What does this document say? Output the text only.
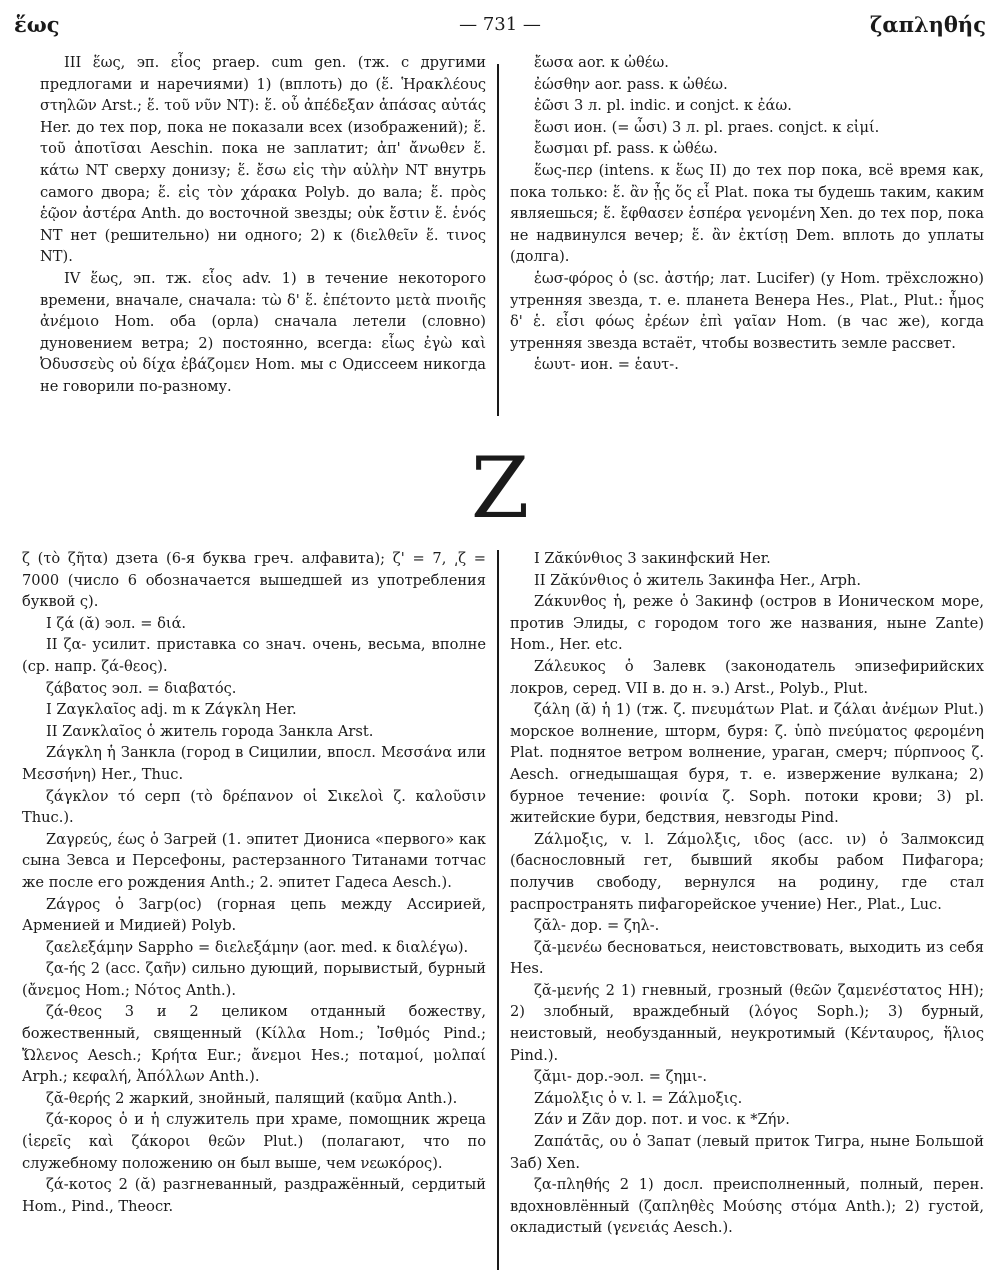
ἕως	— 731 —	ζαπληθής

III ἕως, эп. εἷος praep. cum gen. (тж. с другими предлогами и наречиями) 1) (вплоть) до (ἕ. Ἡρακλέους στηλῶν Arst.; ἕ. τοῦ νῦν NT): ἕ. οὗ ἀπέδεξαν ἁπάσας αὐτάς Her. до тех пор, пока не показали всех (изображений); ἕ. τοῦ ἀποτῖσαι Aeschin. пока не заплатит; ἀπ' ἄνωθεν ἕ. κάτω NT сверху донизу; ἕ. ἔσω εἰς τὴν αὐλὴν NT внутрь самого двора; ἕ. εἰς τὸν χάρακα Polyb. до вала; ἕ. πρὸς ἑῷον ἀστέρα Anth. до восточной звезды; οὐκ ἔστιν ἕ. ἑνός NT нет (решительно) ни одного; 2) к (διελθεῖν ἕ. τινος NT).

IV ἕως, эп. тж. εἷος adv. 1) в течение некоторого времени, вначале, сначала: τὼ δ' ἕ. ἐπέτοντο μετὰ πνοιῆς ἀνέμοιο Hom. оба (орла) сначала летели (словно) дуновением ветра; 2) постоянно, всегда: εἷως ἐγὼ καὶ Ὀδυσσεὺς οὐ δίχα ἐβάζομεν Hom. мы с Одиссеем никогда не говорили по-разному.

ἔωσα aor. к ὠθέω.

ἐώσθην aor. pass. к ὠθέω.

ἐῶσι 3 л. pl. indic. и conjct. к ἐάω.

ἔωσι ион. (= ὦσι) 3 л. pl. praes. conjct. к εἰμί.

ἔωσμαι pf. pass. к ὠθέω.

ἕως-περ (intens. к ἕως II) до тех пор пока, всё время как, пока только: ἕ. ἂν ᾖς ὅς εἶ Plat. пока ты будешь таким, каким являешься; ἕ. ἔφθασεν ἑσπέρα γενομένη Xen. до тех пор, пока не надвинулся вечер; ἕ. ἂν ἐκτίσῃ Dem. вплоть до уплаты (долга).

ἑωσ-φόρος ὁ (sc. ἀστήρ; лат. Lucifer) (у Hom. трёхсложно) утренняя звезда, т. е. планета Венера Hes., Plat., Plut.: ἦμος δ' ἑ. εἶσι φόως ἐρέων ἐπὶ γαῖαν Hom. (в час же), когда утренняя звезда встаёт, чтобы возвестить земле рассвет.

ἑωυτ- ион. = ἑαυτ-.

Z

ζ (τὸ ζῆτα) дзета (6-я буква греч. алфавита); ζ' = 7, ͵ζ = 7000 (число 6 обозначается вышедшей из употребления буквой ς).

I ζά (ᾰ) эол. = διά.

II ζα- усилит. приставка со знач. очень, весьма, вполне (ср. напр. ζά-θεος).

ζάβατος эол. = διαβατός.

I Ζαγκλαῖος adj. m к Ζάγκλη Her.

II Ζανκλαῖος ὁ житель города Занкла Arst.

Ζάγκλη ἡ Занкла (город в Сицилии, впосл. Μεσσάνα или Μεσσήνη) Her., Thuc.

ζάγκλον τό серп (τὸ δρέπανον οἱ Σικελοὶ ζ. καλοῦσιν Thuc.).

Ζαγρεύς, έως ὁ Загрей (1. эпитет Диониса «первого» как сына Зевса и Персефоны, растерзанного Титанами тотчас же после его рождения Anth.; 2. эпитет Гадеса Aesch.).

Ζάγρος ὁ Загр(ос) (горная цепь между Ассирией, Арменией и Мидией) Polyb.

ζαελεξάμην Sappho = διελεξάμην (aor. med. к διαλέγω).

ζα-ής 2 (acc. ζαῆν) сильно дующий, порывистый, бурный (ἄνεμος Hom.; Νότος Anth.).

ζά-θεος 3 и 2 целиком отданный божеству, божественный, священный (Κίλλα Hom.; Ἰσθμός Pind.; Ὤλενος Aesch.; Κρήτα Eur.; ἄνεμοι Hes.; ποταμοί, μολπαί Arph.; κεφαλή, Ἀπόλλων Anth.).

ζᾰ-θερής 2 жаркий, знойный, палящий (καῦμα Anth.).

ζά-κορος ὁ и ἡ служитель при храме, помощник жреца (ἱερεῖς καὶ ζάκοροι θεῶν Plut.) (полагают, что по служебному положению он был выше, чем νεωκόρος).

ζά-κοτος 2 (ᾰ) разгневанный, раздражённый, сердитый Hom., Pind., Theocr.

I Ζᾰκύνθιος 3 закинфский Her.

II Ζᾰκύνθιος ὁ житель Закинфа Her., Arph.

Ζάκυνθος ἡ, реже ὁ Закинф (остров в Ионическом море, против Элиды, с городом того же названия, ныне Zante) Hom., Her. etc.

Ζάλευκος ὁ Залевк (законодатель эпизефирийских локров, серед. VII в. до н. э.) Arst., Polyb., Plut.

ζάλη (ᾰ) ἡ 1) (тж. ζ. πνευμάτων Plat. и ζάλαι ἀνέμων Plut.) морское волнение, шторм, буря: ζ. ὑπὸ πνεύματος φερομένη Plat. поднятое ветром волнение, ураган, смерч; πύρπνοος ζ. Aesch. огнедышащая буря, т. е. извержение вулкана; 2) бурное течение: φοινία ζ. Soph. потоки крови; 3) pl. житейские бури, бедствия, невзгоды Pind.

Ζάλμοξις, v. l. Ζάμολξις, ιδος (acc. ιν) ὁ Залмоксид (баснословный гет, бывший якобы рабом Пифагора; получив свободу, вернулся на родину, где стал распространять пифагорейское учение) Her., Plat., Luc.

ζᾰλ- дор. = ζηλ-.

ζᾰ-μενέω бесноваться, неистовствовать, выходить из себя Hes.

ζᾰ-μενής 2 1) гневный, грозный (θεῶν ζαμενέστατος HH); 2) злобный, враждебный (λόγος Soph.); 3) бурный, неистовый, необузданный, неукротимый (Κένταυρος, ἥλιος Pind.).

ζᾰμι- дор.-эол. = ζημι-.

Ζάμολξις ὁ v. l. = Ζάλμοξις.

Ζάν и Ζᾶν дор. пот. и voc. к *Ζήν.

Ζαπάτᾱς, ου ὁ Запат (левый приток Тигра, ныне Большой Заб) Xen.

ζα-πληθής 2 1) досл. преисполненный, полный, перен. вдохновлённый (ζαπληθὲς Μούσης στόμα Anth.); 2) густой, окладистый (γενειάς Aesch.).
